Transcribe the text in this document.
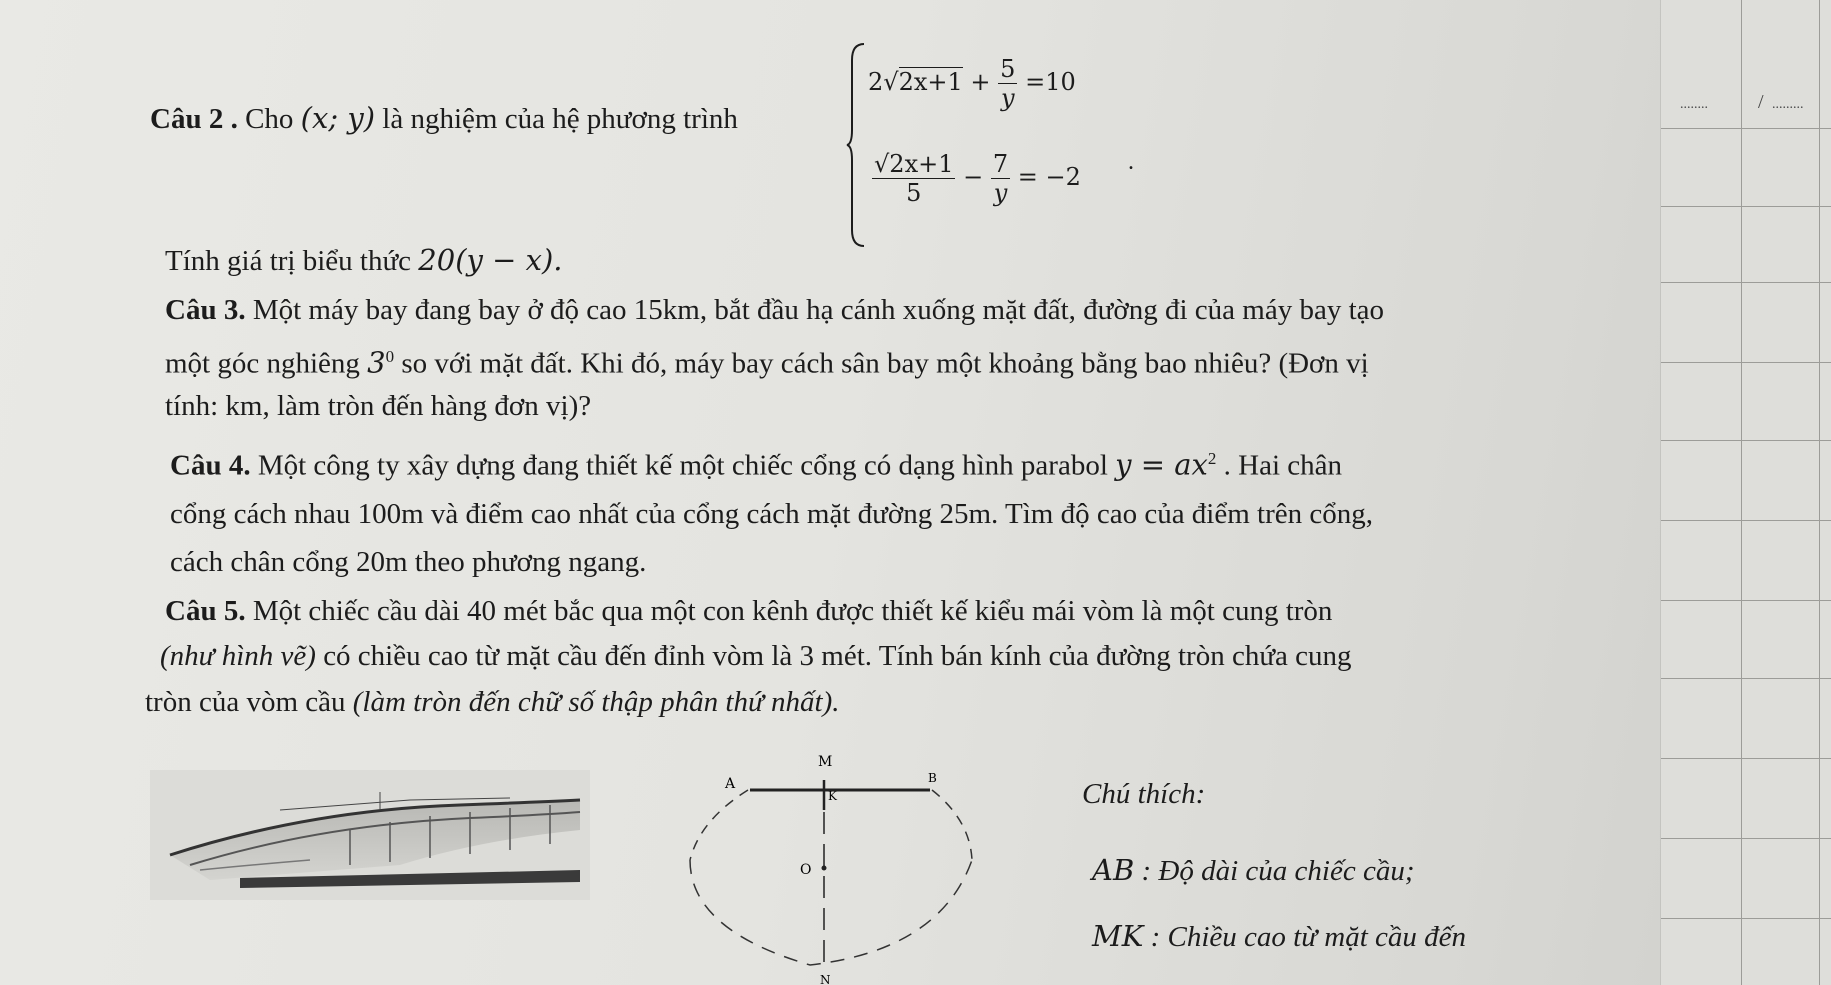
........	/ .........
Câu 2 . Cho (x; y) là nghiệm của hệ phương trình
$2√2x+1 + \frac{5}{y} =10$
$\frac{√2x+1}{5} - \frac{7}{y} = -2$
.
Tính giá trị biểu thức 20(y − x).
Câu 3. Một máy bay đang bay ở độ cao 15km, bắt đầu hạ cánh xuống mặt đất, đường đi của máy bay tạo
một góc nghiêng $3^0$ so với mặt đất. Khi đó, máy bay cách sân bay một khoảng bằng bao nhiêu? (Đơn vị
tính: km, làm tròn đến hàng đơn vị)?
Câu 4. Một công ty xây dựng đang thiết kế một chiếc cổng có dạng hình parabol $y = ax^2$ . Hai chân
cổng cách nhau 100m và điểm cao nhất của cổng cách mặt đường 25m. Tìm độ cao của điểm trên cổng,
cách chân cổng 20m theo phương ngang.
Câu 5. Một chiếc cầu dài 40 mét bắc qua một con kênh được thiết kế kiểu mái vòm là một cung tròn
(như hình vẽ) có chiều cao từ mặt cầu đến đỉnh vòm là 3 mét. Tính bán kính của đường tròn chứa cung
tròn của vòm cầu (làm tròn đến chữ số thập phân thứ nhất).
M
A	B
K
O
N
Chú thích:
AB : Độ dài của chiếc cầu;
MK : Chiều cao từ mặt cầu đến
